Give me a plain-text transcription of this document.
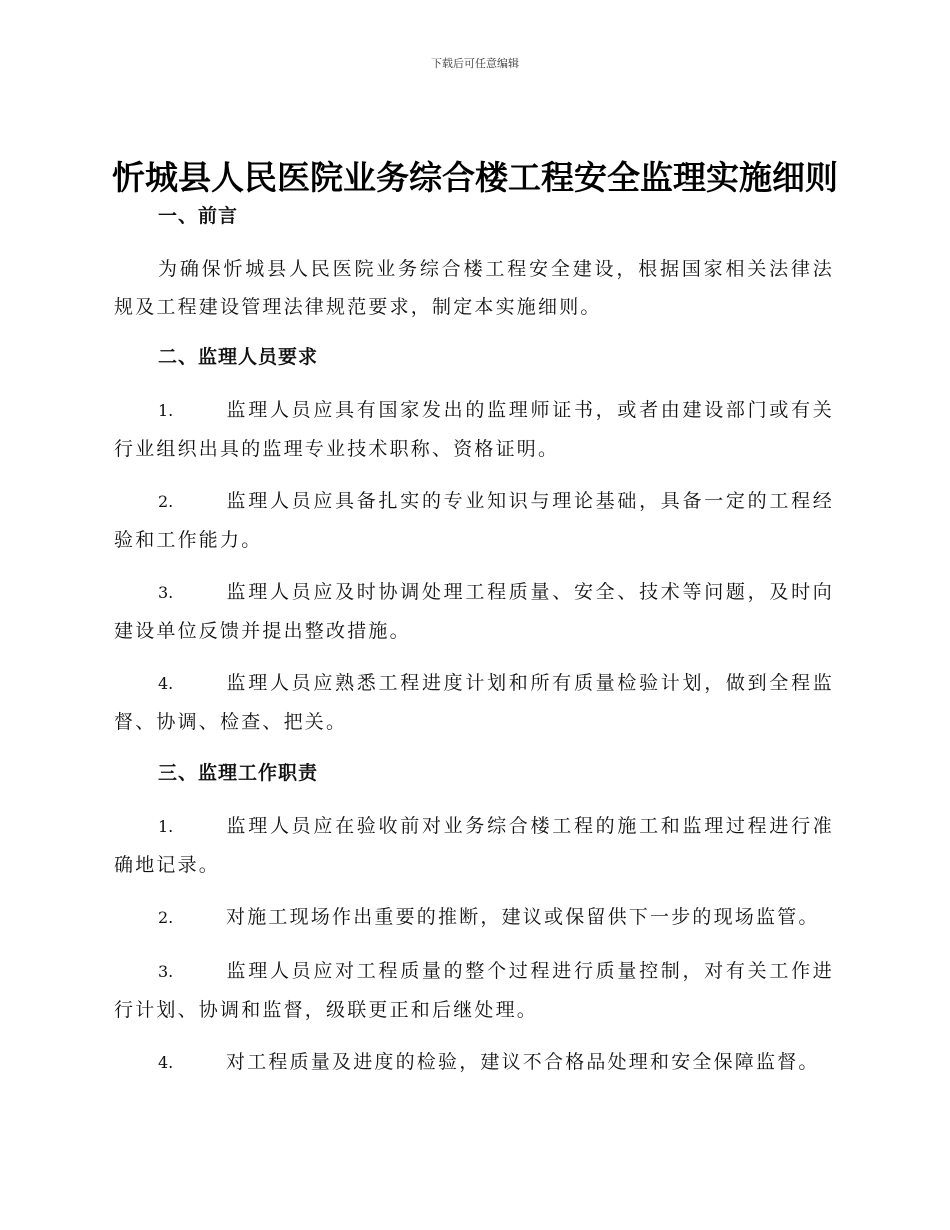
下载后可任意编辑
忻城县人民医院业务综合楼工程安全监理实施细则

一、前言

为确保忻城县人民医院业务综合楼工程安全建设，根据国家相关法律法规及工程建设管理法律规范要求，制定本实施细则。

二、监理人员要求

1.	监理人员应具有国家发出的监理师证书，或者由建设部门或有关行业组织出具的监理专业技术职称、资格证明。

2.	监理人员应具备扎实的专业知识与理论基础，具备一定的工程经验和工作能力。

3.	监理人员应及时协调处理工程质量、安全、技术等问题，及时向建设单位反馈并提出整改措施。

4.	监理人员应熟悉工程进度计划和所有质量检验计划，做到全程监督、协调、检查、把关。

三、监理工作职责

1.	监理人员应在验收前对业务综合楼工程的施工和监理过程进行准确地记录。

2.	对施工现场作出重要的推断，建议或保留供下一步的现场监管。

3.	监理人员应对工程质量的整个过程进行质量控制，对有关工作进行计划、协调和监督，级联更正和后继处理。

4.	对工程质量及进度的检验，建议不合格品处理和安全保障监督。
